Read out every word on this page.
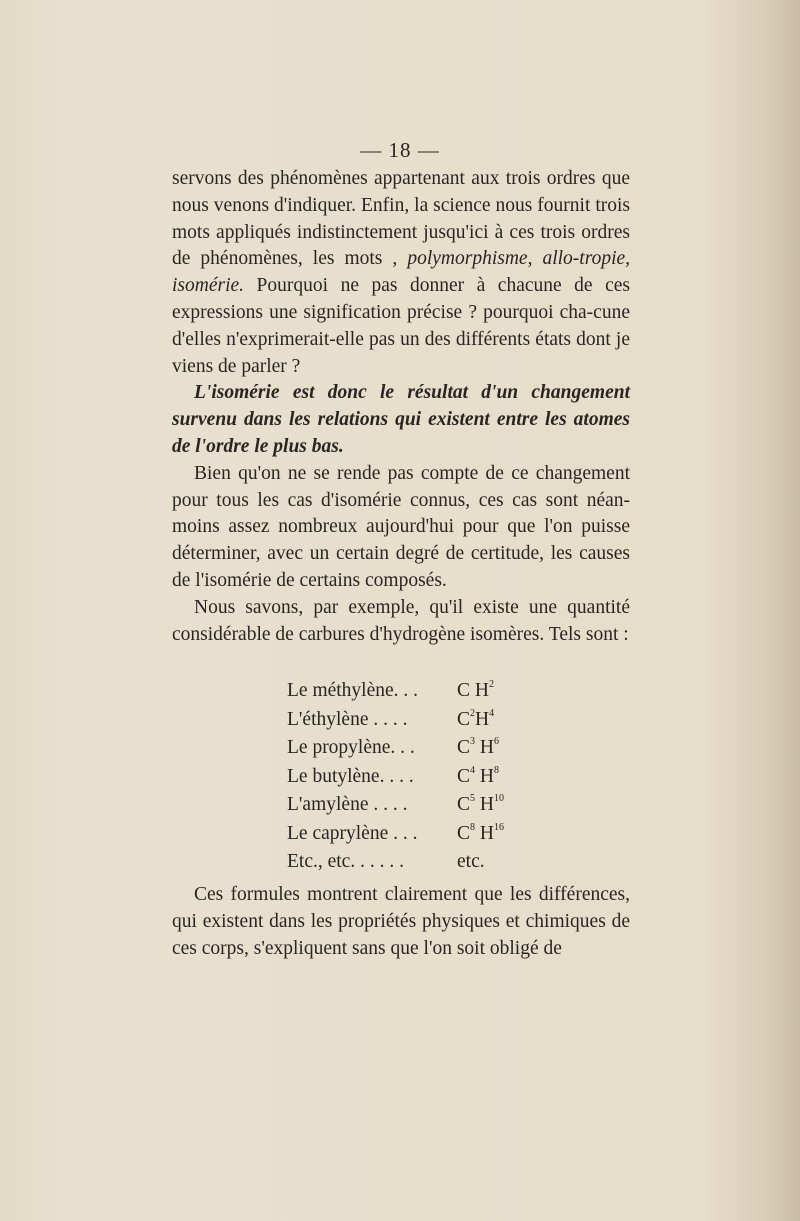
— 18 —

servons des phénomènes appartenant aux trois ordres que nous venons d'indiquer. Enfin, la science nous fournit trois mots appliqués indistinctement jusqu'ici à ces trois ordres de phénomènes, les mots , polymorphisme, allo-tropie, isomérie. Pourquoi ne pas donner à chacune de ces expressions une signification précise ? pourquoi cha-cune d'elles n'exprimerait-elle pas un des différents états dont je viens de parler ?

L'isomérie est donc le résultat d'un changement survenu dans les relations qui existent entre les atomes de l'ordre le plus bas.

Bien qu'on ne se rende pas compte de ce changement pour tous les cas d'isomérie connus, ces cas sont néan-moins assez nombreux aujourd'hui pour que l'on puisse déterminer, avec un certain degré de certitude, les causes de l'isomérie de certains composés.

Nous savons, par exemple, qu'il existe une quantité considérable de carbures d'hydrogène isomères. Tels sont :

Le méthylène. . . C $H^2$
L'éthylène . . . .	$C^2H^4$
Le propylène. . . $C^3$ $H^6$
Le butylène. . . . $C^4$ $H^8$
L'amylène . . . .	$C^5$ $H^{10}$
Le caprylène . . . $C^8$ $H^{16}$
Etc., etc. . . . . .	etc.

Ces formules montrent clairement que les différences, qui existent dans les propriétés physiques et chimiques de ces corps, s'expliquent sans que l'on soit obligé de
